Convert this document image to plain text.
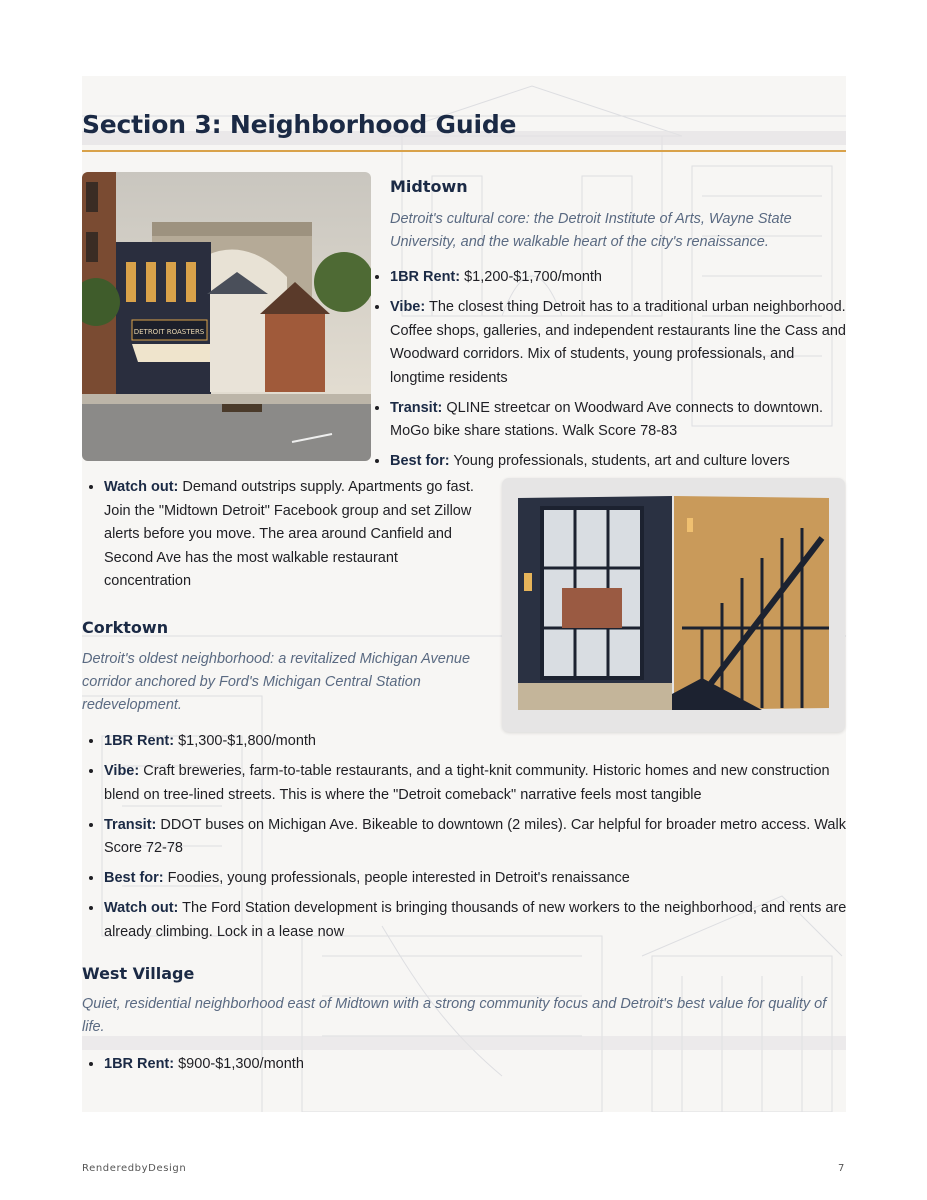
Section 3: Neighborhood Guide
DETROIT ROASTERS
Midtown

Detroit's cultural core: the Detroit Institute of Arts, Wayne State University, and the walkable heart of the city's renaissance.

• 1BR Rent: $1,200-$1,700/month
• Vibe: The closest thing Detroit has to a traditional urban neighborhood. Coffee shops, galleries, and independent restaurants line the Cass and Woodward corridors. Mix of students, young professionals, and longtime residents
• Transit: QLINE streetcar on Woodward Ave connects to downtown. MoGo bike share stations. Walk Score 78-83
• Best for: Young professionals, students, art and culture lovers
• Watch out: Demand outstrips supply. Apartments go fast. Join the "Midtown Detroit" Facebook group and set Zillow alerts before you move. The area around Canfield and Second Ave has the most walkable restaurant concentration
Corktown

Detroit's oldest neighborhood: a revitalized Michigan Avenue corridor anchored by Ford's Michigan Central Station redevelopment.

• 1BR Rent: $1,300-$1,800/month
• Vibe: Craft breweries, farm-to-table restaurants, and a tight-knit community. Historic homes and new construction blend on tree-lined streets. This is where the "Detroit comeback" narrative feels most tangible
• Transit: DDOT buses on Michigan Ave. Bikeable to downtown (2 miles). Car helpful for broader metro access. Walk Score 72-78
• Best for: Foodies, young professionals, people interested in Detroit's renaissance
• Watch out: The Ford Station development is bringing thousands of new workers to the neighborhood, and rents are already climbing. Lock in a lease now
West Village

Quiet, residential neighborhood east of Midtown with a strong community focus and Detroit's best value for quality of life.

• 1BR Rent: $900-$1,300/month
RenderedbyDesign	7
